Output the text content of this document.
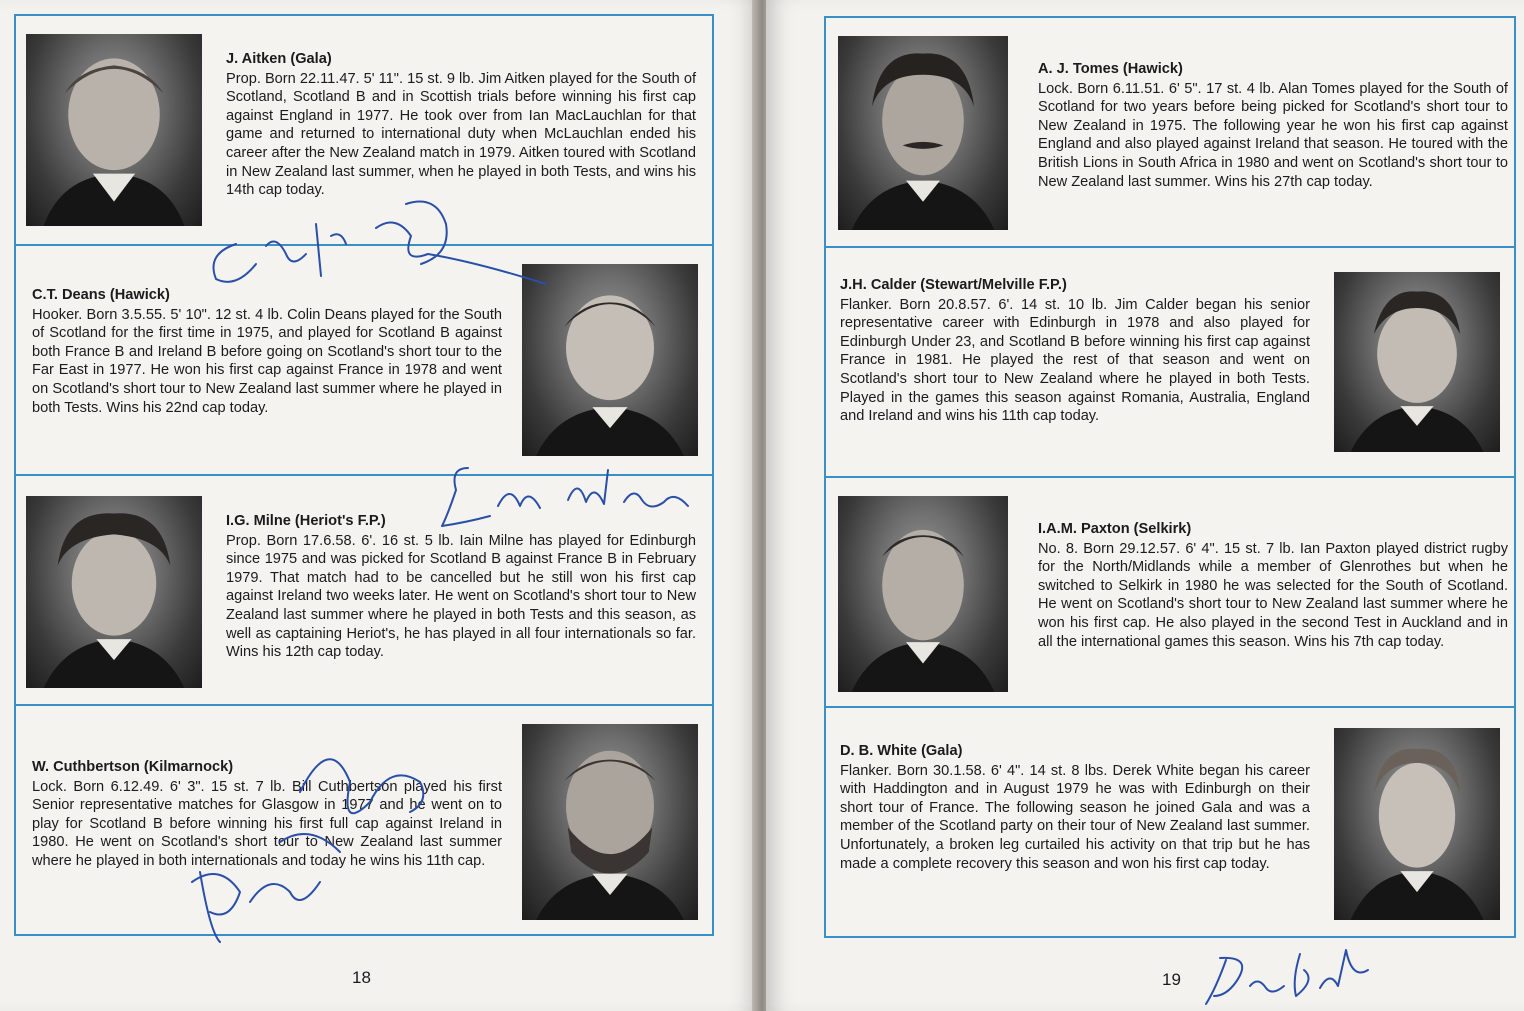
J. Aitken (Gala)
Prop. Born 22.11.47. 5' 11". 15 st. 9 lb. Jim Aitken played for the South of Scotland, Scotland B and in Scottish trials before winning his first cap against England in 1977. He took over from Ian MacLauchlan for that game and returned to international duty when McLauchlan ended his career after the New Zealand match in 1979. Aitken toured with Scotland in New Zealand last summer, when he played in both Tests, and wins his 14th cap today.
C.T. Deans (Hawick)
Hooker. Born 3.5.55. 5' 10". 12 st. 4 lb. Colin Deans played for the South of Scotland for the first time in 1975, and played for Scotland B against both France B and Ireland B before going on Scotland's short tour to the Far East in 1977. He won his first cap against France in 1978 and went on Scotland's short tour to New Zealand last summer where he played in both Tests. Wins his 22nd cap today.
I.G. Milne (Heriot's F.P.)
Prop. Born 17.6.58. 6'. 16 st. 5 lb. Iain Milne has played for Edinburgh since 1975 and was picked for Scotland B against France B in February 1979. That match had to be cancelled but he still won his first cap against Ireland two weeks later. He went on Scotland's short tour to New Zealand last summer where he played in both Tests and this season, as well as captaining Heriot's, he has played in all four internationals so far. Wins his 12th cap today.
W. Cuthbertson (Kilmarnock)
Lock. Born 6.12.49. 6' 3". 15 st. 7 lb. Bill Cuthbertson played his first Senior representative matches for Glasgow in 1977 and he went on to play for Scotland B before winning his first full cap against Ireland in 1980. He went on Scotland's short tour to New Zealand last summer where he played in both internationals and today he wins his 11th cap.
18
A. J. Tomes (Hawick)
Lock. Born 6.11.51. 6' 5". 17 st. 4 lb. Alan Tomes played for the South of Scotland for two years before being picked for Scotland's short tour to New Zealand in 1975. The following year he won his first cap against England and also played against Ireland that season. He toured with the British Lions in South Africa in 1980 and went on Scotland's short tour to New Zealand last summer. Wins his 27th cap today.
J.H. Calder (Stewart/Melville F.P.)
Flanker. Born 20.8.57. 6'. 14 st. 10 lb. Jim Calder began his senior representative career with Edinburgh in 1978 and also played for Edinburgh Under 23, and Scotland B before winning his first cap against France in 1981. He played the rest of that season and went on Scotland's short tour to New Zealand where he played in both Tests. Played in the games this season against Romania, Australia, England and Ireland and wins his 11th cap today.
I.A.M. Paxton (Selkirk)
No. 8. Born 29.12.57. 6' 4". 15 st. 7 lb. Ian Paxton played district rugby for the North/Midlands while a member of Glenrothes but when he switched to Selkirk in 1980 he was selected for the South of Scotland. He went on Scotland's short tour to New Zealand last summer where he won his first cap. He also played in the second Test in Auckland and in all the international games this season. Wins his 7th cap today.
D. B. White (Gala)
Flanker. Born 30.1.58. 6' 4". 14 st. 8 lbs. Derek White began his career with Haddington and in August 1979 he was with Edinburgh on their short tour of France. The following season he joined Gala and was a member of the Scotland party on their tour of New Zealand last summer. Unfortunately, a broken leg curtailed his activity on that trip but he has made a complete recovery this season and won his first cap today.
19
